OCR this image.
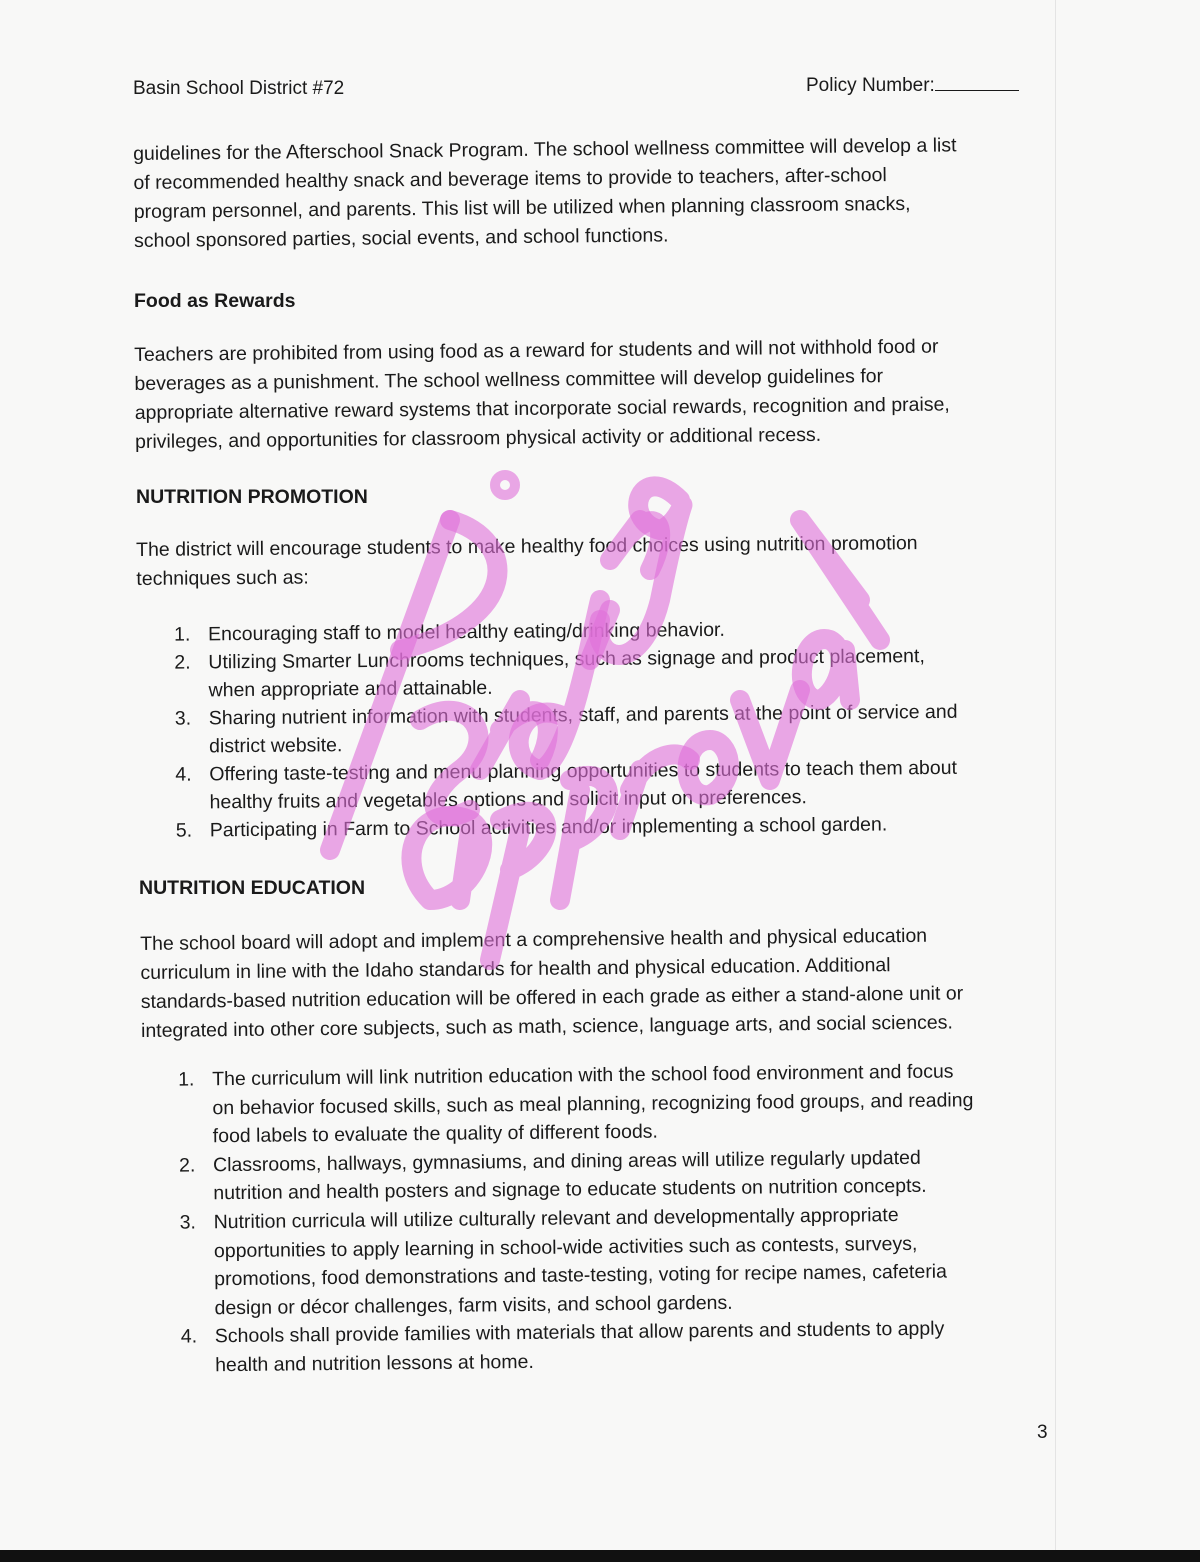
Basin School District #72	Policy Number:
guidelines for the Afterschool Snack Program. The school wellness committee will develop a list
of recommended healthy snack and beverage items to provide to teachers, after-school
program personnel, and parents. This list will be utilized when planning classroom snacks,
school sponsored parties, social events, and school functions.
Food as Rewards
Teachers are prohibited from using food as a reward for students and will not withhold food or
beverages as a punishment. The school wellness committee will develop guidelines for
appropriate alternative reward systems that incorporate social rewards, recognition and praise,
privileges, and opportunities for classroom physical activity or additional recess.
NUTRITION PROMOTION
The district will encourage students to make healthy food choices using nutrition promotion
techniques such as:
1. Encouraging staff to model healthy eating/drinking behavior.
2. Utilizing Smarter Lunchrooms techniques, such as signage and product placement,
when appropriate and attainable.
3. Sharing nutrient information with students, staff, and parents at the point of service and
district website.
4. Offering taste-testing and menu planning opportunities to students to teach them about
healthy fruits and vegetables options and solicit input on preferences.
5. Participating in Farm to School activities and/or implementing a school garden.
NUTRITION EDUCATION
The school board will adopt and implement a comprehensive health and physical education
curriculum in line with the Idaho standards for health and physical education. Additional
standards-based nutrition education will be offered in each grade as either a stand-alone unit or
integrated into other core subjects, such as math, science, language arts, and social sciences.
1. The curriculum will link nutrition education with the school food environment and focus
on behavior focused skills, such as meal planning, recognizing food groups, and reading
food labels to evaluate the quality of different foods.
2. Classrooms, hallways, gymnasiums, and dining areas will utilize regularly updated
nutrition and health posters and signage to educate students on nutrition concepts.
3. Nutrition curricula will utilize culturally relevant and developmentally appropriate
opportunities to apply learning in school-wide activities such as contests, surveys,
promotions, food demonstrations and taste-testing, voting for recipe names, cafeteria
design or décor challenges, farm visits, and school gardens.
4. Schools shall provide families with materials that allow parents and students to apply
health and nutrition lessons at home.
3
